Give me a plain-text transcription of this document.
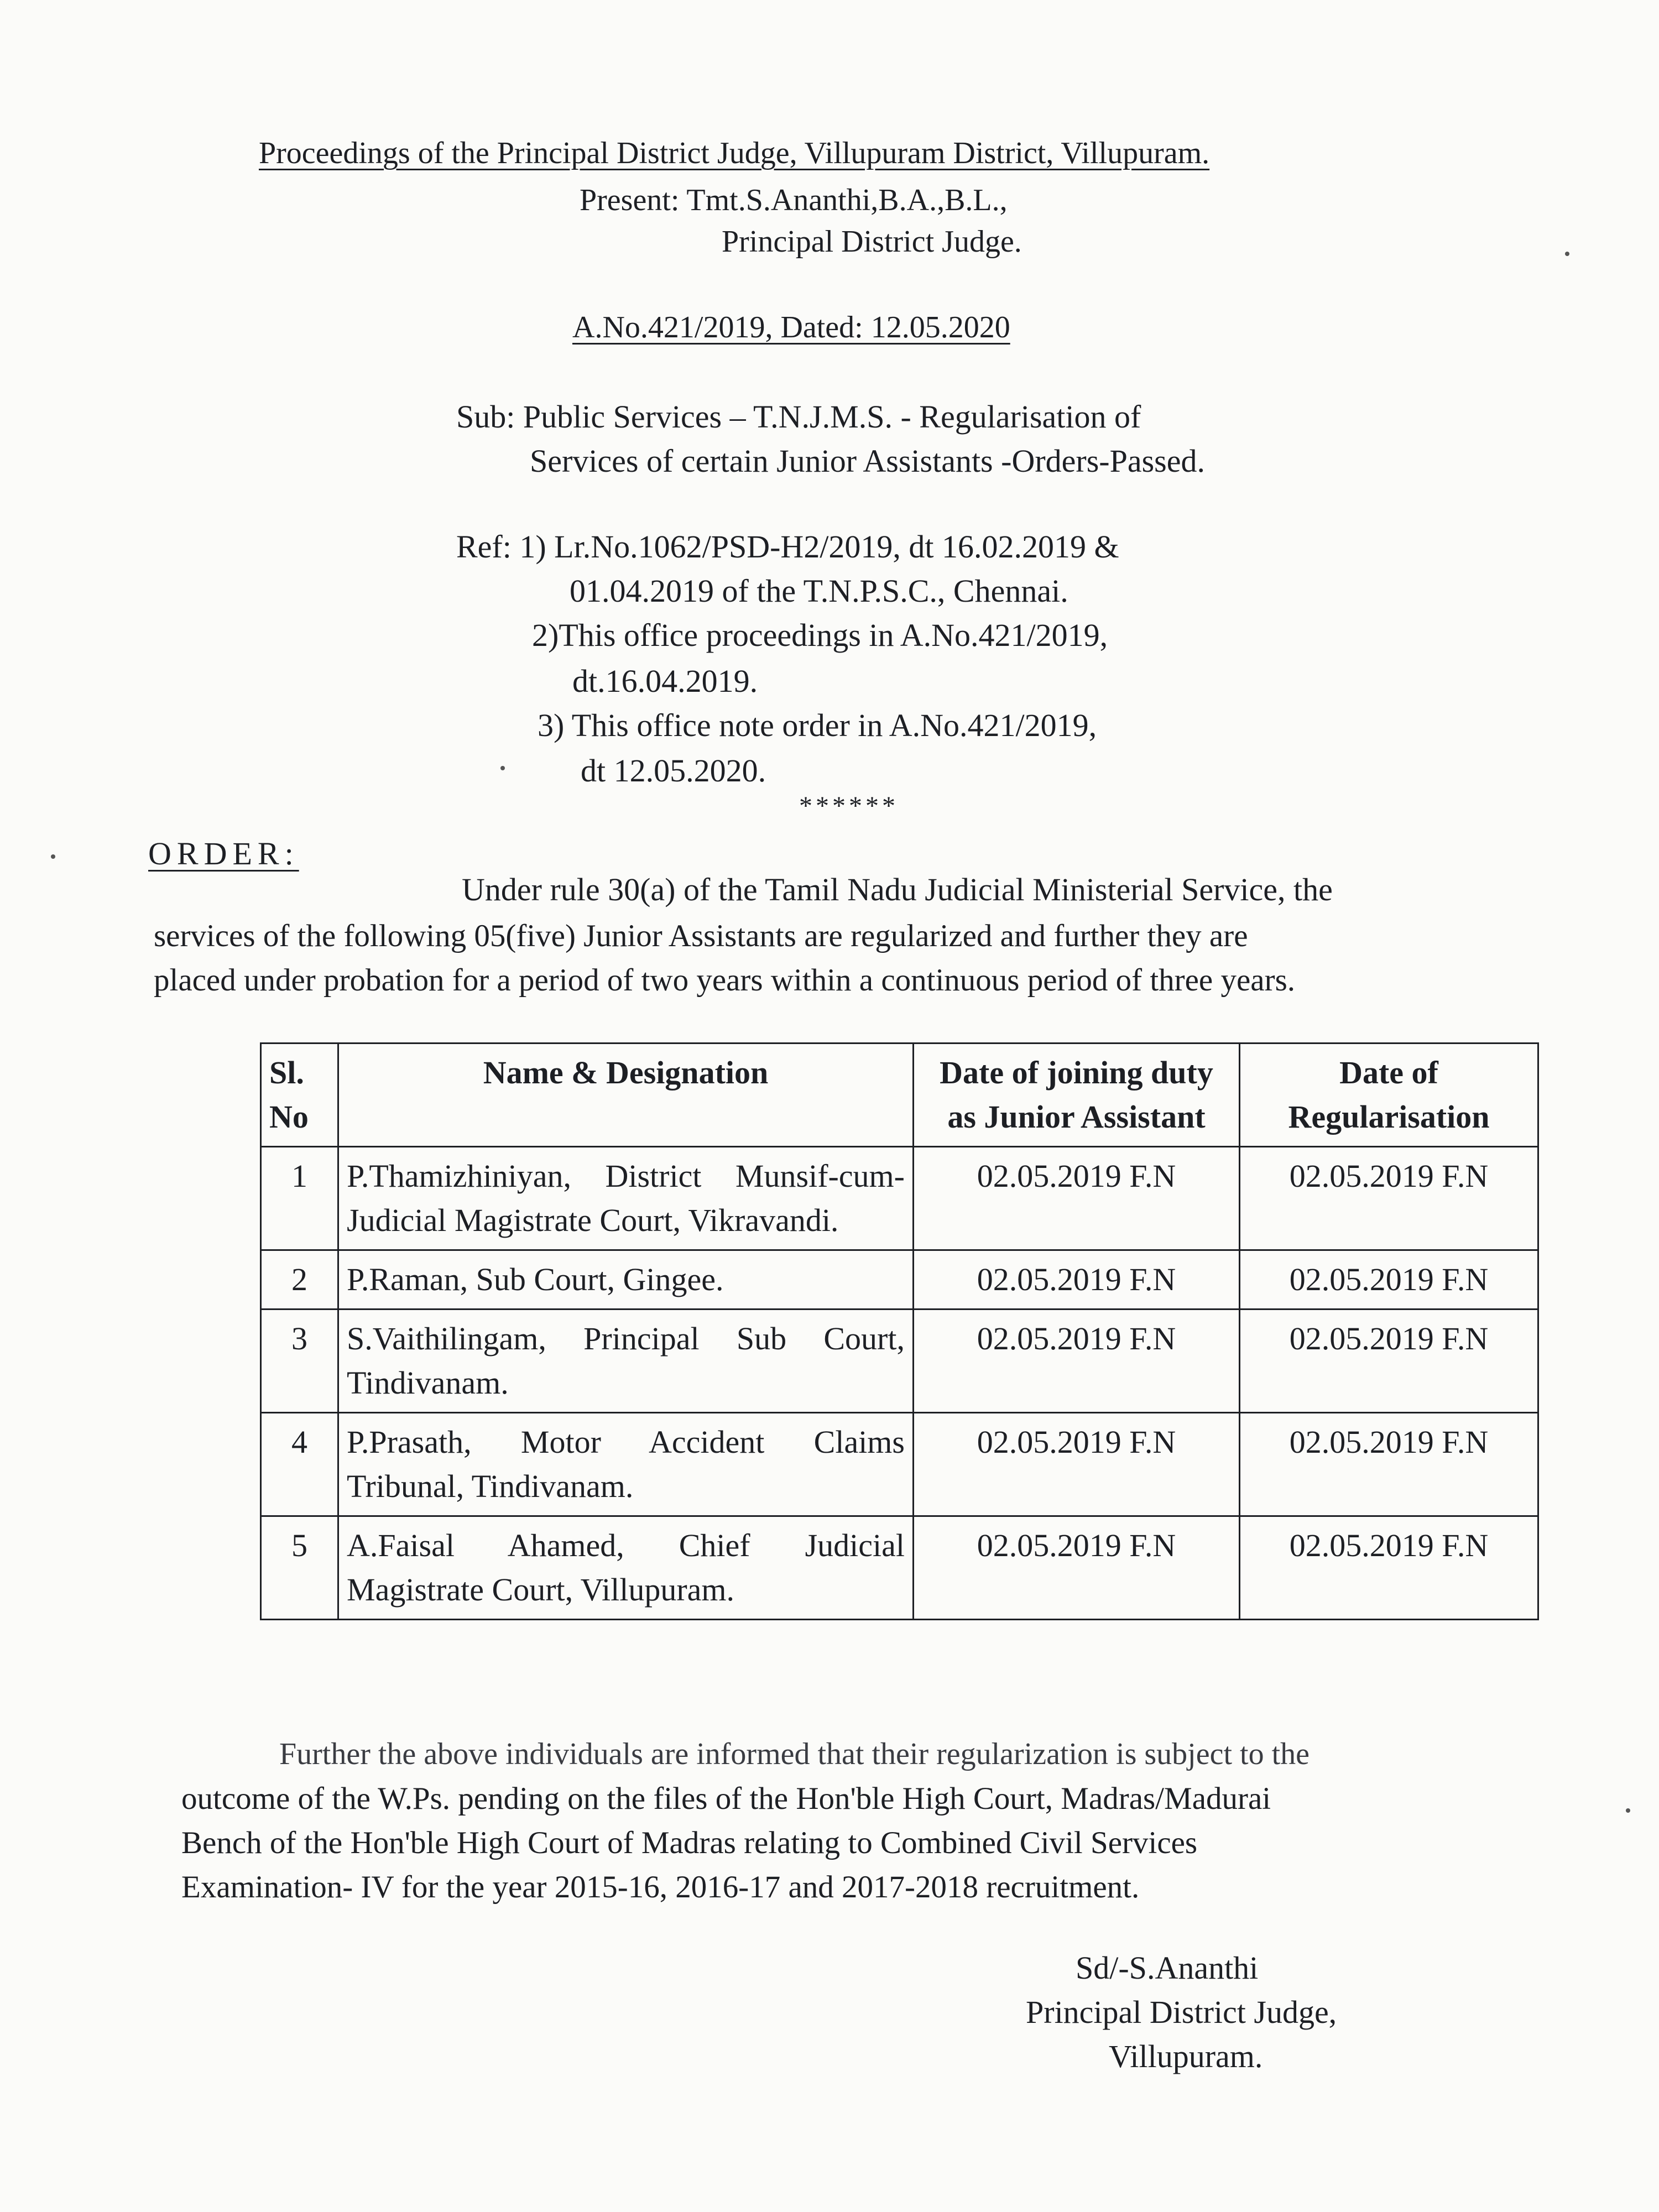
Proceedings of the Principal District Judge, Villupuram District, Villupuram.
Present: Tmt.S.Ananthi,B.A.,B.L.,
Principal District Judge.
A.No.421/2019, Dated: 12.05.2020
Sub: Public Services – T.N.J.M.S. - Regularisation of
Services of certain Junior Assistants -Orders-Passed.
Ref: 1) Lr.No.1062/PSD-H2/2019, dt 16.02.2019 &
01.04.2019 of the T.N.P.S.C., Chennai.
2)This office proceedings in A.No.421/2019,
dt.16.04.2019.
3) This office note order in A.No.421/2019,
dt 12.05.2020.
******
ORDER:
Under rule 30(a) of the Tamil Nadu Judicial Ministerial Service, the
services of the following 05(five) Junior Assistants are regularized and further they are
placed under probation for a period of two years within a continuous period of three years.
Sl. No	Name & Designation	Date of joining duty as Junior Assistant	Date of Regularisation
1	P.Thamizhiniyan, District Munsif-cum-Judicial Magistrate Court, Vikravandi.	02.05.2019 F.N	02.05.2019 F.N
2	P.Raman, Sub Court, Gingee.	02.05.2019 F.N	02.05.2019 F.N
3	S.Vaithilingam, Principal Sub Court, Tindivanam.	02.05.2019 F.N	02.05.2019 F.N
4	P.Prasath, Motor Accident Claims Tribunal, Tindivanam.	02.05.2019 F.N	02.05.2019 F.N
5	A.Faisal Ahamed, Chief Judicial Magistrate Court, Villupuram.	02.05.2019 F.N	02.05.2019 F.N
Further the above individuals are informed that their regularization is subject to the
outcome of the W.Ps. pending on the files of the Hon'ble High Court, Madras/Madurai
Bench of the Hon'ble High Court of Madras relating to Combined Civil Services
Examination- IV for the year 2015-16, 2016-17 and 2017-2018 recruitment.
Sd/-S.Ananthi
Principal District Judge,
Villupuram.
